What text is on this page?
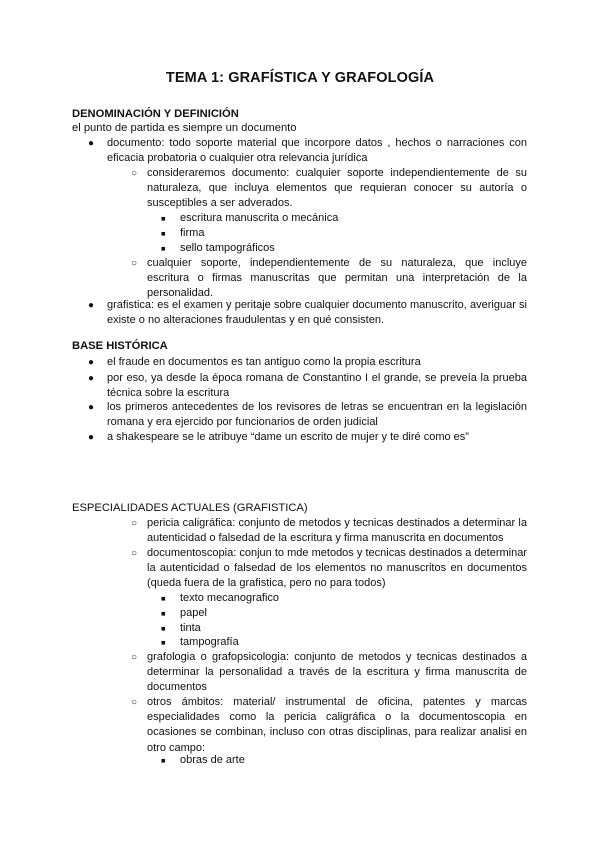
TEMA 1: GRAFÍSTICA Y GRAFOLOGÍA
DENOMINACIÓN Y DEFINICIÓN
el punto de partida es siempre un documento
●	documento: todo soporte material que incorpore datos , hechos o narraciones con eficacia probatoria o cualquier otra relevancia jurídica
○ consideraremos documento: cualquier soporte independientemente de su naturaleza, que incluya elementos que requieran conocer su autoría o susceptibles a ser adverados.
■	escritura manuscrita o mecánica
■	firma
■	sello tampográficos
○ cualquier soporte, independientemente de su naturaleza, que incluye escritura o firmas manuscritas que permitan una interpretación de la personalidad.
●	grafistica: es el examen y peritaje sobre cualquier documento manuscrito, averiguar si existe o no alteraciones fraudulentas y en qué consisten.
BASE HISTÓRICA
●	el fraude en documentos es tan antiguo como la propia escritura
●	por eso, ya desde la época romana de Constantino I el grande, se preveía la prueba técnica sobre la escritura
●	los primeros antecedentes de los revisores de letras se encuentran en la legislación romana y era ejercido por funcionarios de orden judicial
●	a shakespeare se le atribuye “dame un escrito de mujer y te diré como es”
ESPECIALIDADES ACTUALES (GRAFISTICA)
○ pericia caligráfica: conjunto de metodos y tecnicas destinados a determinar la autenticidad o falsedad de la escritura y firma manuscrita en documentos
○ documentoscopia: conjun to mde metodos y tecnicas destinados a determinar la autenticidad o falsedad de los elementos no manuscritos en documentos (queda fuera de la grafistica, pero no para todos)
■	texto mecanografico
■	papel
■	tinta
■	tampografía
○ grafologia o grafopsicologia: conjunto de metodos y tecnicas destinados a determinar la personalidad a través de la escritura y firma manuscrita de documentos
○ otros ámbitos: material/ instrumental de oficina, patentes y marcas especialidades como la pericia caligráfica o la documentoscopia en ocasiones se combinan, incluso con otras disciplinas, para realizar analisi en otro campo:
■	obras de arte
